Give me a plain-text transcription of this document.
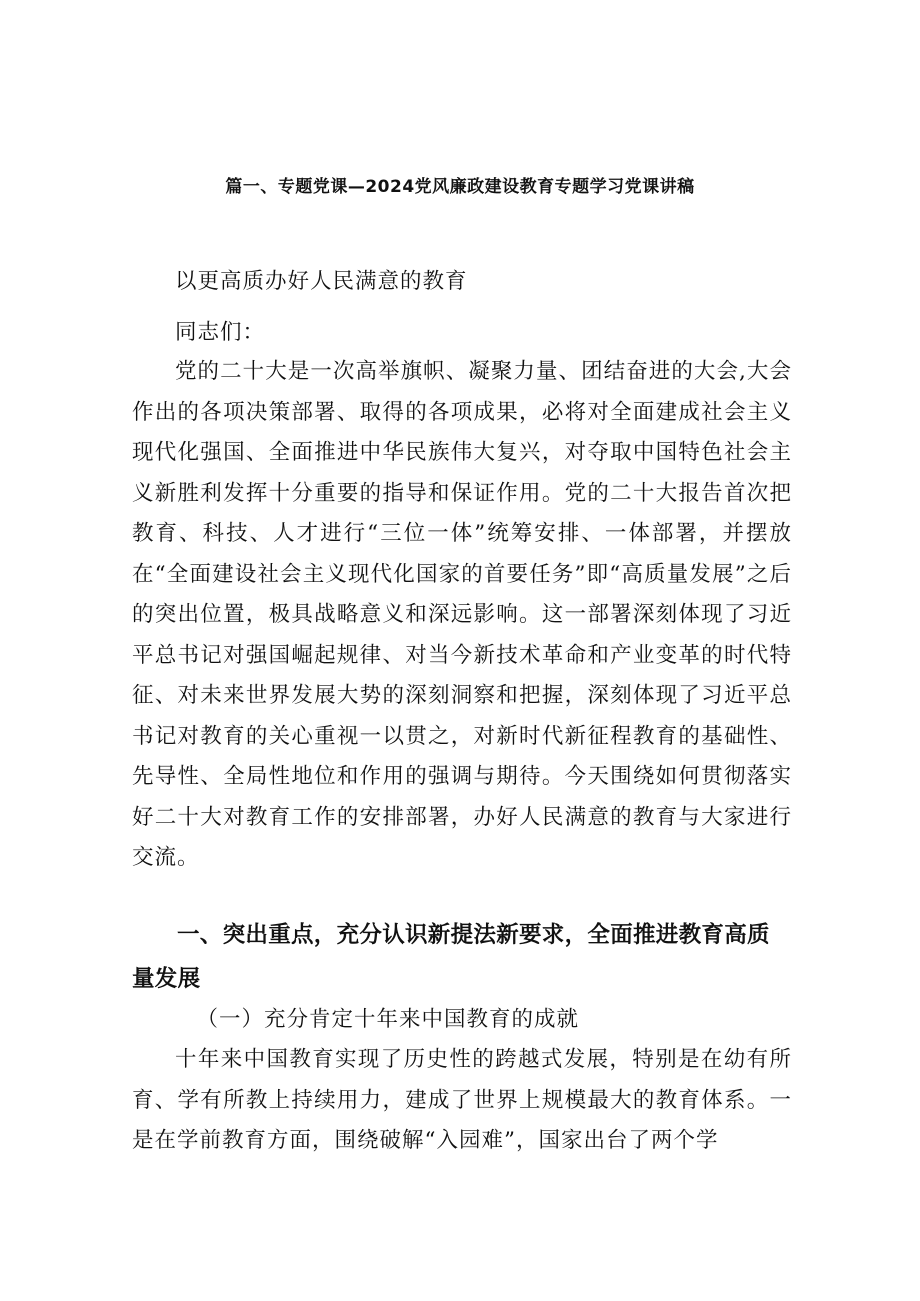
篇一、专题党课—2024党风廉政建设教育专题学习党课讲稿

以更高质办好人民满意的教育

同志们：

党的二十大是一次高举旗帜、凝聚力量、团结奋进的大会,大会作出的各项决策部署、取得的各项成果，必将对全面建成社会主义现代化强国、全面推进中华民族伟大复兴，对夺取中国特色社会主义新胜利发挥十分重要的指导和保证作用。党的二十大报告首次把教育、科技、人才进行“三位一体”统筹安排、一体部署，并摆放在“全面建设社会主义现代化国家的首要任务”即“高质量发展”之后的突出位置，极具战略意义和深远影响。这一部署深刻体现了习近平总书记对强国崛起规律、对当今新技术革命和产业变革的时代特征、对未来世界发展大势的深刻洞察和把握，深刻体现了习近平总书记对教育的关心重视一以贯之，对新时代新征程教育的基础性、先导性、全局性地位和作用的强调与期待。今天围绕如何贯彻落实好二十大对教育工作的安排部署，办好人民满意的教育与大家进行交流。

一、突出重点，充分认识新提法新要求，全面推进教育高质量发展

（一）充分肯定十年来中国教育的成就

十年来中国教育实现了历史性的跨越式发展，特别是在幼有所育、学有所教上持续用力，建成了世界上规模最大的教育体系。一是在学前教育方面，围绕破解“入园难”，国家出台了两个学
